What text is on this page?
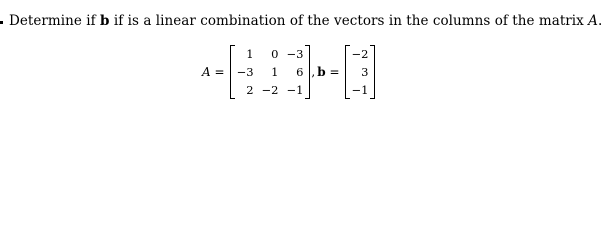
Determine if b if is a linear combination of the vectors in the columns of the matrix A.
A =
1	0	−3
−3	1	6
2	−2	−1
, b =
−2
3
−1
